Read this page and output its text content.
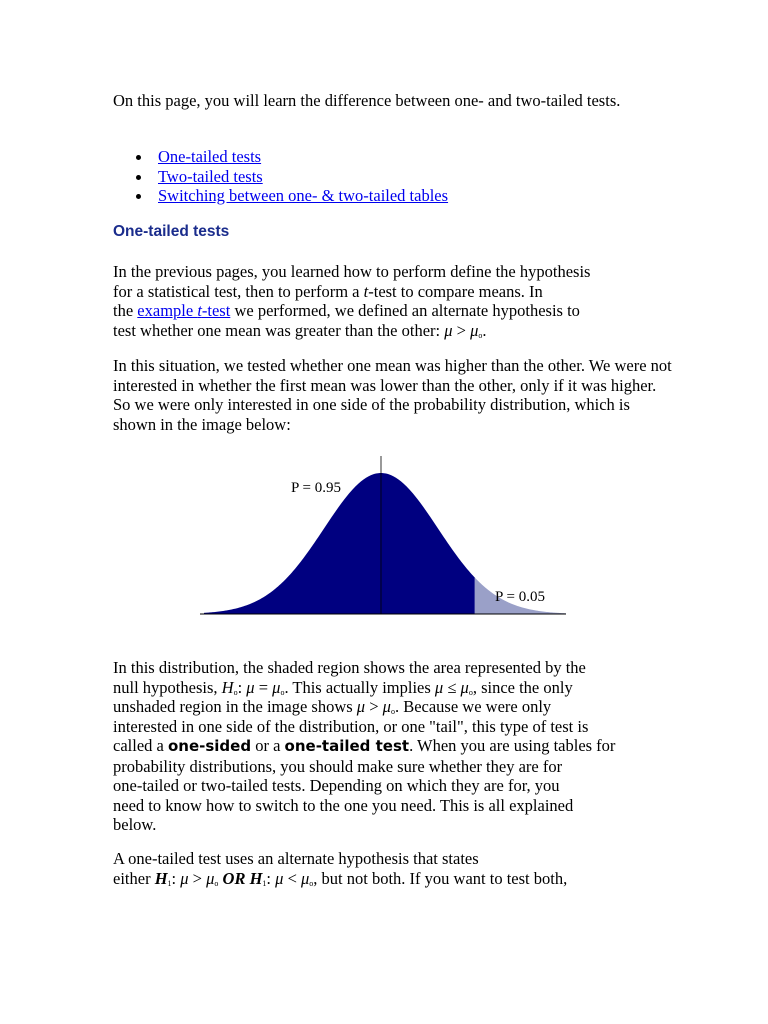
On this page, you will learn the difference between one- and two-tailed tests.

One-tailed tests
Two-tailed tests
Switching between one- & two-tailed tables
One-tailed tests

In the previous pages, you learned how to perform define the hypothesis
for a statistical test, then to perform a t-test to compare means. In
the example t-test we performed, we defined an alternate hypothesis to
test whether one mean was greater than the other: $\mu > \mu_o$.

In this situation, we tested whether one mean was higher than the other. We were not interested in whether the first mean was lower than the other, only if it was higher. So we were only interested in one side of the probability distribution, which is shown in the image below:

P = 0.95
P = 0.05

In this distribution, the shaded region shows the area represented by the
null hypothesis, $H_o$: $\mu = \mu_o$. This actually implies $\mu \le \mu_o$, since the only
unshaded region in the image shows $\mu > \mu_o$. Because we were only
interested in one side of the distribution, or one "tail", this type of test is
called a one-sided or a one-tailed test. When you are using tables for
probability distributions, you should make sure whether they are for
one-tailed or two-tailed tests. Depending on which they are for, you
need to know how to switch to the one you need. This is all explained
below.

A one-tailed test uses an alternate hypothesis that states
either $H_1$: $\mu > \mu_o$ OR $H_1$: $\mu < \mu_o$, but not both. If you want to test both,
